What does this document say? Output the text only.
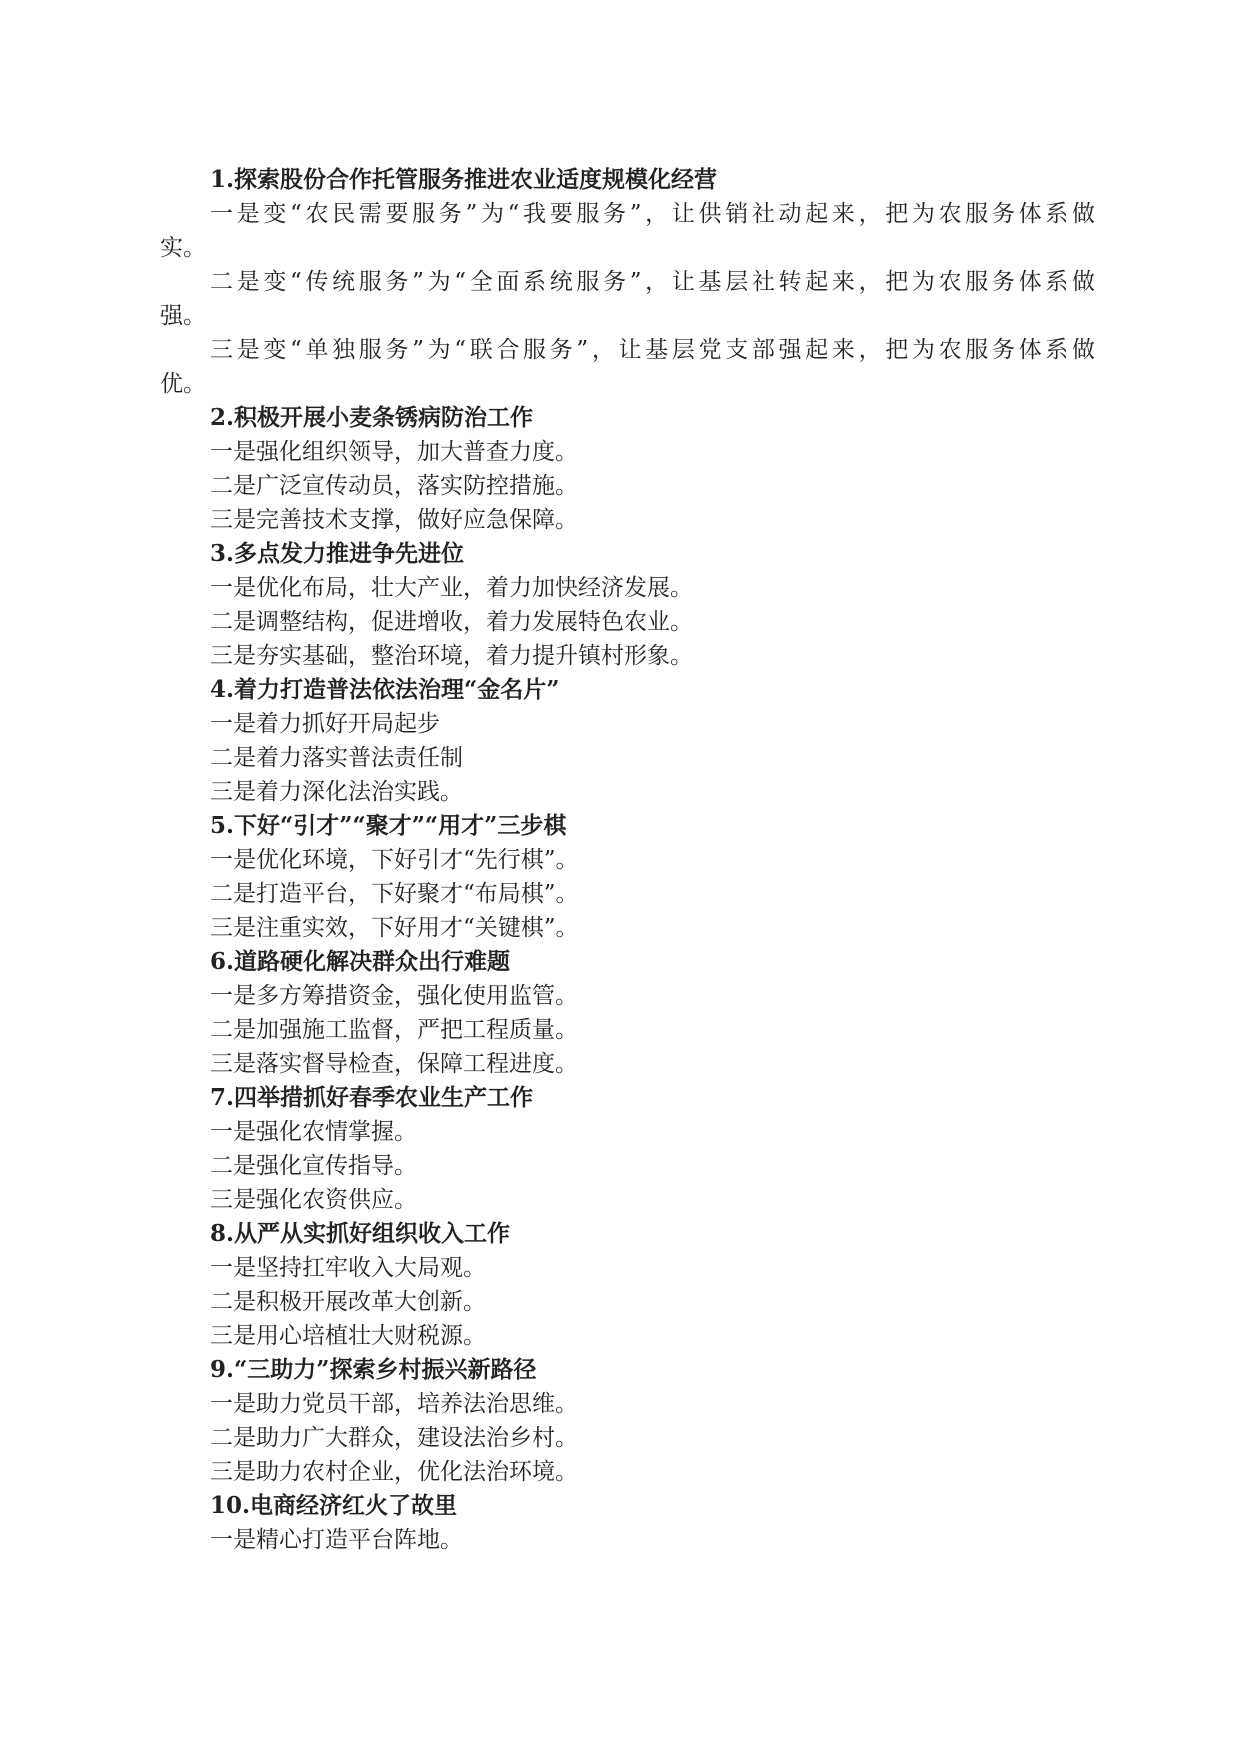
1.探索股份合作托管服务推进农业适度规模化经营

一是变“农民需要服务”为“我要服务”，让供销社动起来，把为农服务体系做

实。

二是变“传统服务”为“全面系统服务”，让基层社转起来，把为农服务体系做

强。

三是变“单独服务”为“联合服务”，让基层党支部强起来，把为农服务体系做

优。

2.积极开展小麦条锈病防治工作

一是强化组织领导，加大普查力度。

二是广泛宣传动员，落实防控措施。

三是完善技术支撑，做好应急保障。

3.多点发力推进争先进位

一是优化布局，壮大产业，着力加快经济发展。

二是调整结构，促进增收，着力发展特色农业。

三是夯实基础，整治环境，着力提升镇村形象。

4.着力打造普法依法治理“金名片”

一是着力抓好开局起步

二是着力落实普法责任制

三是着力深化法治实践。

5.下好“引才”“聚才”“用才”三步棋

一是优化环境，下好引才“先行棋”。

二是打造平台，下好聚才“布局棋”。

三是注重实效，下好用才“关键棋”。

6.道路硬化解决群众出行难题

一是多方筹措资金，强化使用监管。

二是加强施工监督，严把工程质量。

三是落实督导检查，保障工程进度。

7.四举措抓好春季农业生产工作

一是强化农情掌握。

二是强化宣传指导。

三是强化农资供应。

8.从严从实抓好组织收入工作

一是坚持扛牢收入大局观。

二是积极开展改革大创新。

三是用心培植壮大财税源。

9.“三助力”探索乡村振兴新路径

一是助力党员干部，培养法治思维。

二是助力广大群众，建设法治乡村。

三是助力农村企业，优化法治环境。

10.电商经济红火了故里

一是精心打造平台阵地。
